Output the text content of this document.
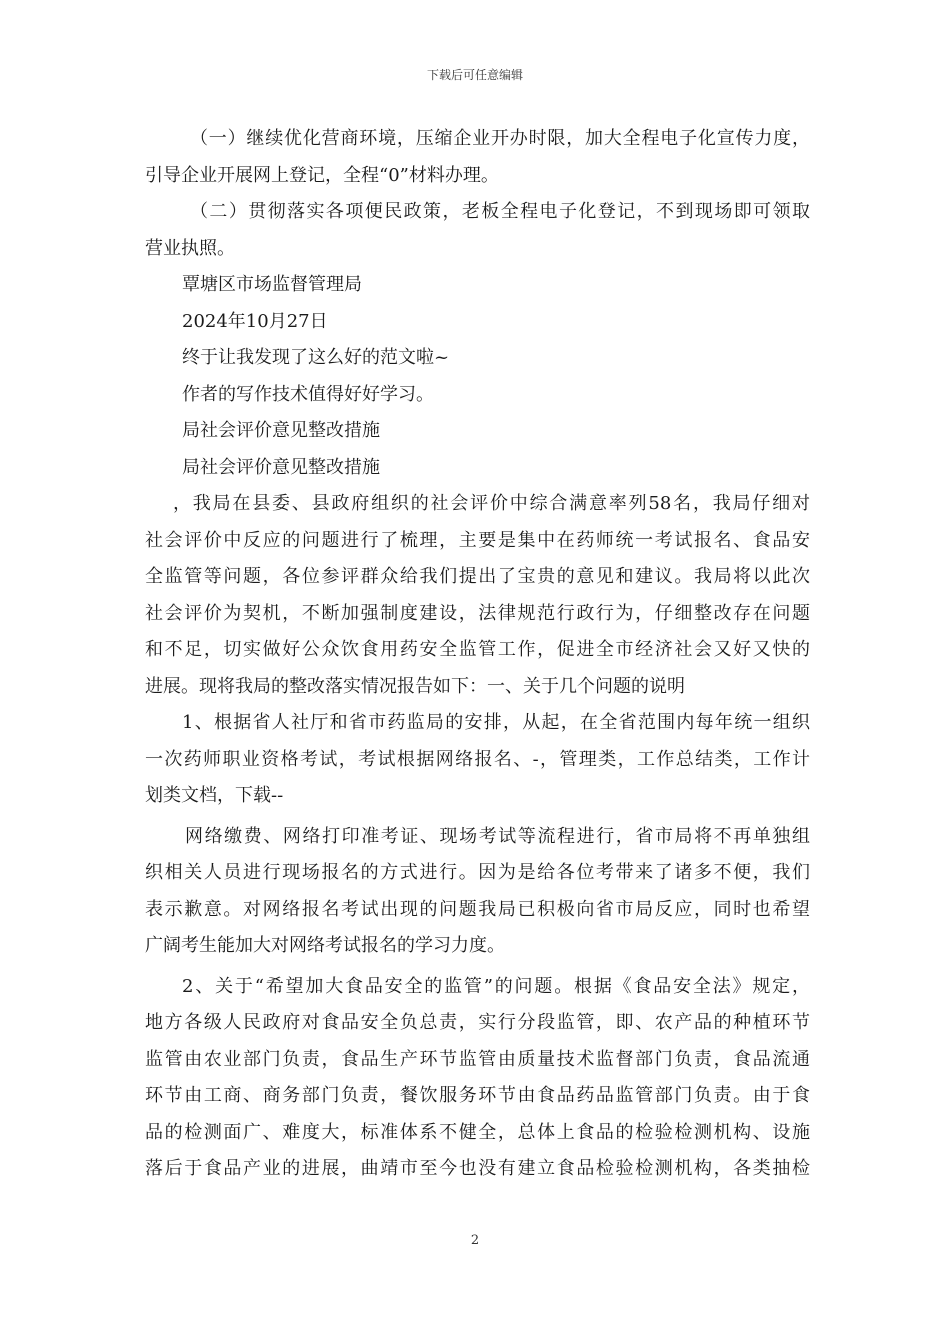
下载后可任意编辑
（一）继续优化营商环境，压缩企业开办时限，加大全程电子化宣传力度，
引导企业开展网上登记，全程“0”材料办理。
（二）贯彻落实各项便民政策，老板全程电子化登记，不到现场即可领取
营业执照。
覃塘区市场监督管理局
2024年10月27日
终于让我发现了这么好的范文啦~
作者的写作技术值得好好学习。
局社会评价意见整改措施
局社会评价意见整改措施
，我局在县委、县政府组织的社会评价中综合满意率列58名，我局仔细对
社会评价中反应的问题进行了梳理，主要是集中在药师统一考试报名、食品安
全监管等问题，各位参评群众给我们提出了宝贵的意见和建议。我局将以此次
社会评价为契机，不断加强制度建设，法律规范行政行为，仔细整改存在问题
和不足，切实做好公众饮食用药安全监管工作，促进全市经济社会又好又快的
进展。现将我局的整改落实情况报告如下：一、关于几个问题的说明
1、根据省人社厅和省市药监局的安排，从起，在全省范围内每年统一组织
一次药师职业资格考试，考试根据网络报名、-，管理类，工作总结类，工作计
划类文档，下载--
网络缴费、网络打印准考证、现场考试等流程进行，省市局将不再单独组
织相关人员进行现场报名的方式进行。因为是给各位考带来了诸多不便，我们
表示歉意。对网络报名考试出现的问题我局已积极向省市局反应，同时也希望
广阔考生能加大对网络考试报名的学习力度。
2、关于“希望加大食品安全的监管”的问题。根据《食品安全法》规定，
地方各级人民政府对食品安全负总责，实行分段监管，即、农产品的种植环节
监管由农业部门负责，食品生产环节监管由质量技术监督部门负责，食品流通
环节由工商、商务部门负责，餐饮服务环节由食品药品监管部门负责。由于食
品的检测面广、难度大，标准体系不健全，总体上食品的检验检测机构、设施
落后于食品产业的进展，曲靖市至今也没有建立食品检验检测机构，各类抽检
2
